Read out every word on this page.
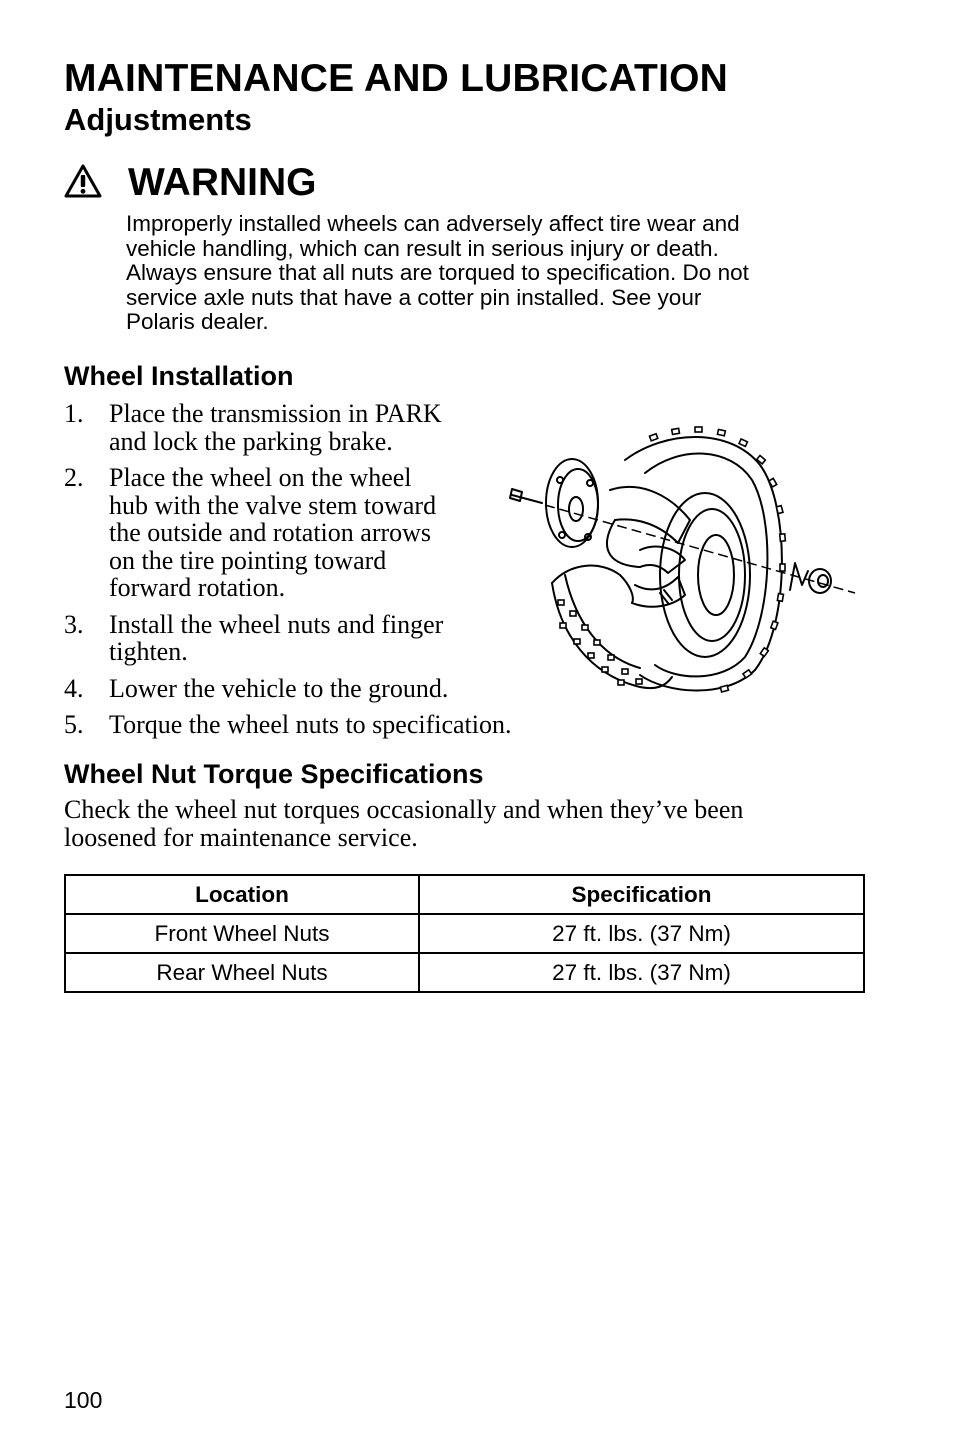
MAINTENANCE AND LUBRICATION
Adjustments
WARNING
Improperly installed wheels can adversely affect tire wear and
vehicle handling, which can result in serious injury or death.
Always ensure that all nuts are torqued to specification. Do not
service axle nuts that have a cotter pin installed. See your
Polaris dealer.
Wheel Installation
1. Place the transmission in PARK
and lock the parking brake.
2. Place the wheel on the wheel
hub with the valve stem toward
the outside and rotation arrows
on the tire pointing toward
forward rotation.
3. Install the wheel nuts and finger
tighten.
4. Lower the vehicle to the ground.
5. Torque the wheel nuts to specification.
Wheel Nut Torque Specifications
Check the wheel nut torques occasionally and when they’ve been
loosened for maintenance service.
Location	Specification
Front Wheel Nuts	27 ft. lbs. (37 Nm)
Rear Wheel Nuts	27 ft. lbs. (37 Nm)
100
